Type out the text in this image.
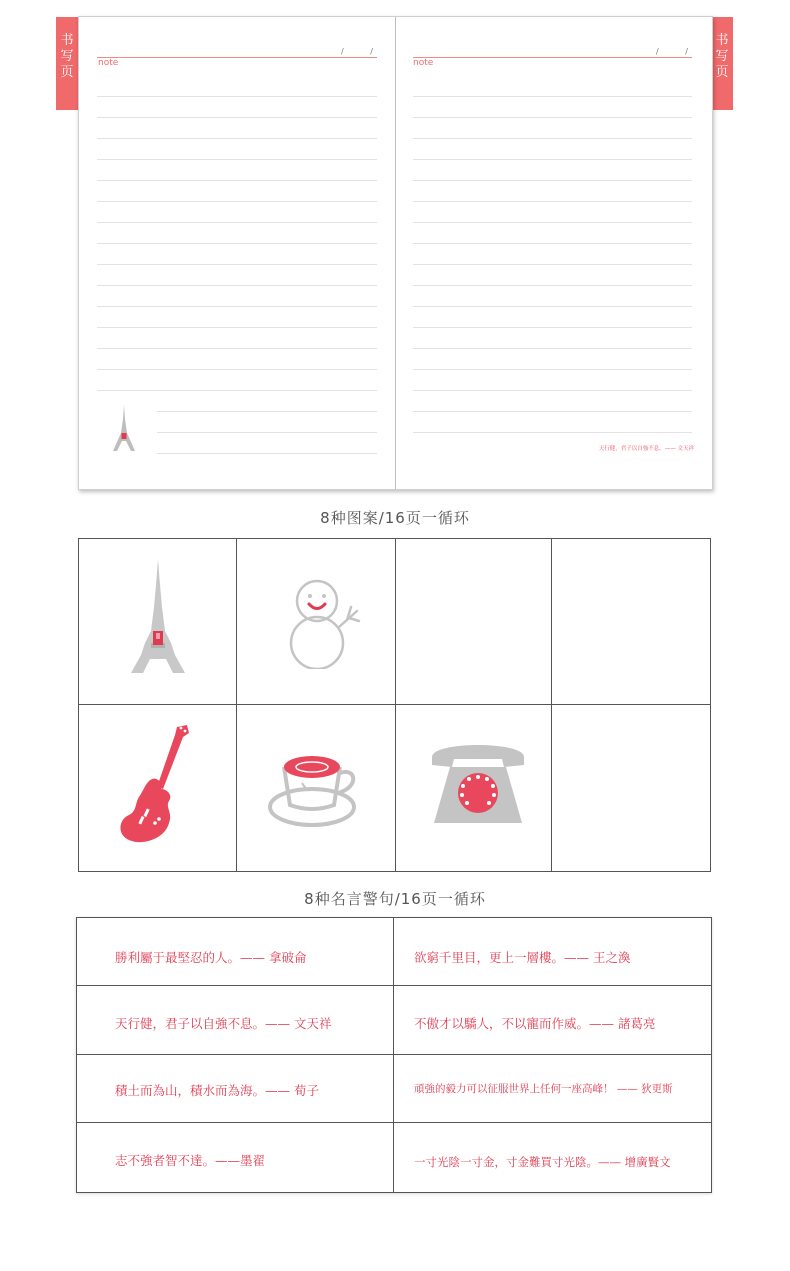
书写页
书写页
/ /
note
/ /
note
天行健，君子以自強不息。—— 文天祥
8种图案/16页一循环
8种名言警句/16页一循环
勝利屬于最堅忍的人。—— 拿破侖	欲窮千里目，更上一層樓。—— 王之渙
天行健，君子以自強不息。—— 文天祥	不傲才以驕人，不以寵而作威。—— 諸葛亮
積土而為山，積水而為海。—— 荀子	頑強的毅力可以征服世界上任何一座高峰！ —— 狄更斯
志不強者智不達。——墨翟	一寸光陰一寸金，寸金難買寸光陰。—— 增廣賢文
